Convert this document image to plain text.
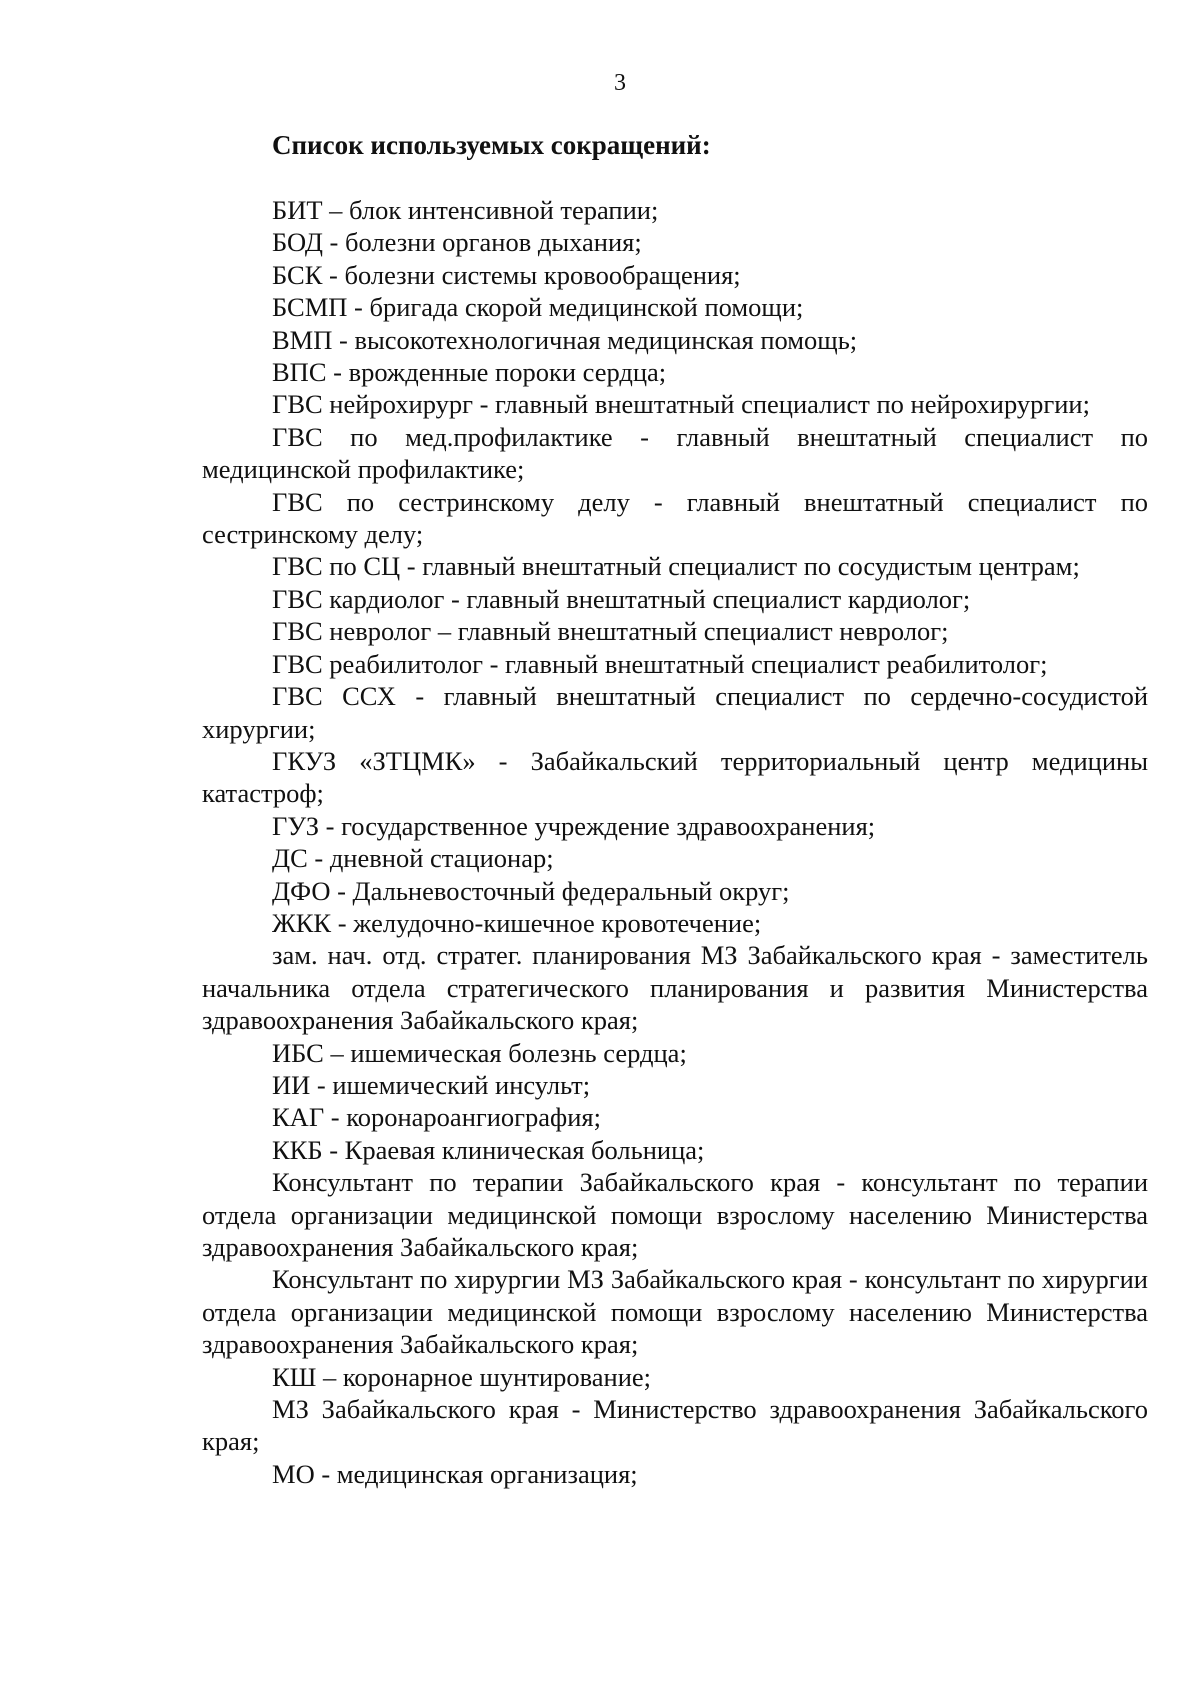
3
Список используемых сокращений:

БИТ – блок интенсивной терапии;

БОД - болезни органов дыхания;

БСК - болезни системы кровообращения;

БСМП - бригада скорой медицинской помощи;

ВМП - высокотехнологичная медицинская помощь;

ВПС - врожденные пороки сердца;

ГВС нейрохирург - главный внештатный специалист по нейрохирургии;

ГВС по мед.профилактике - главный внештатный специалист по медицинской профилактике;

ГВС по сестринскому делу - главный внештатный специалист по сестринскому делу;

ГВС по СЦ - главный внештатный специалист по сосудистым центрам;

ГВС кардиолог - главный внештатный специалист кардиолог;

ГВС невролог – главный внештатный специалист невролог;

ГВС реабилитолог - главный внештатный специалист реабилитолог;

ГВС ССХ - главный внештатный специалист по сердечно-сосудистой хирургии;

ГКУЗ «ЗТЦМК» - Забайкальский территориальный центр медицины катастроф;

ГУЗ - государственное учреждение здравоохранения;

ДС - дневной стационар;

ДФО - Дальневосточный федеральный округ;

ЖКК - желудочно-кишечное кровотечение;

зам. нач. отд. стратег. планирования МЗ Забайкальского края - заместитель начальника отдела стратегического планирования и развития Министерства здравоохранения Забайкальского края;

ИБС – ишемическая болезнь сердца;

ИИ - ишемический инсульт;

КАГ - коронароангиография;

ККБ - Краевая клиническая больница;

Консультант по терапии Забайкальского края - консультант по терапии отдела организации медицинской помощи взрослому населению Министерства здравоохранения Забайкальского края;

Консультант по хирургии МЗ Забайкальского края - консультант по хирургии отдела организации медицинской помощи взрослому населению Министерства здравоохранения Забайкальского края;

КШ – коронарное шунтирование;

МЗ Забайкальского края - Министерство здравоохранения Забайкальского края;

МО - медицинская организация;
